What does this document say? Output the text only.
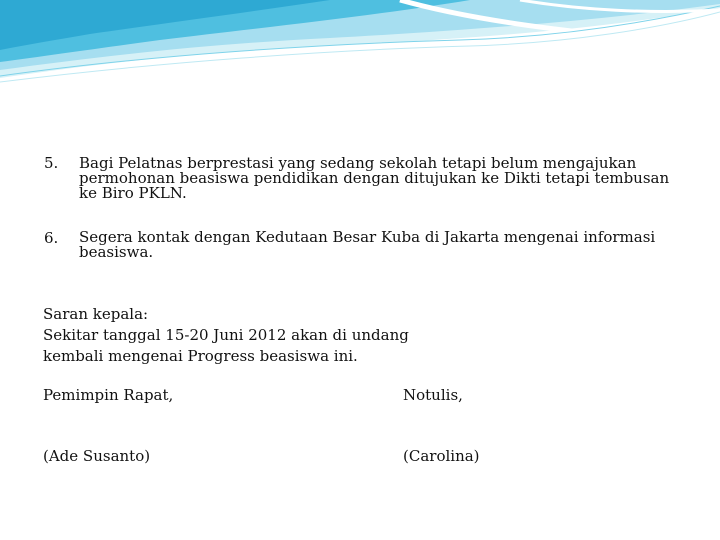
5. Bagi Pelatnas berprestasi yang sedang sekolah tetapi belum mengajukan permohonan beasiswa pendidikan dengan ditujukan ke Dikti tetapi tembusan ke Biro PKLN.
6. Segera kontak dengan Kedutaan Besar Kuba di Jakarta mengenai informasi beasiswa.
Saran kepala:
Sekitar tanggal 15-20 Juni 2012 akan di undang
kembali mengenai Progress beasiswa ini.
Pemimpin Rapat,	Notulis,
(Ade Susanto)	(Carolina)
